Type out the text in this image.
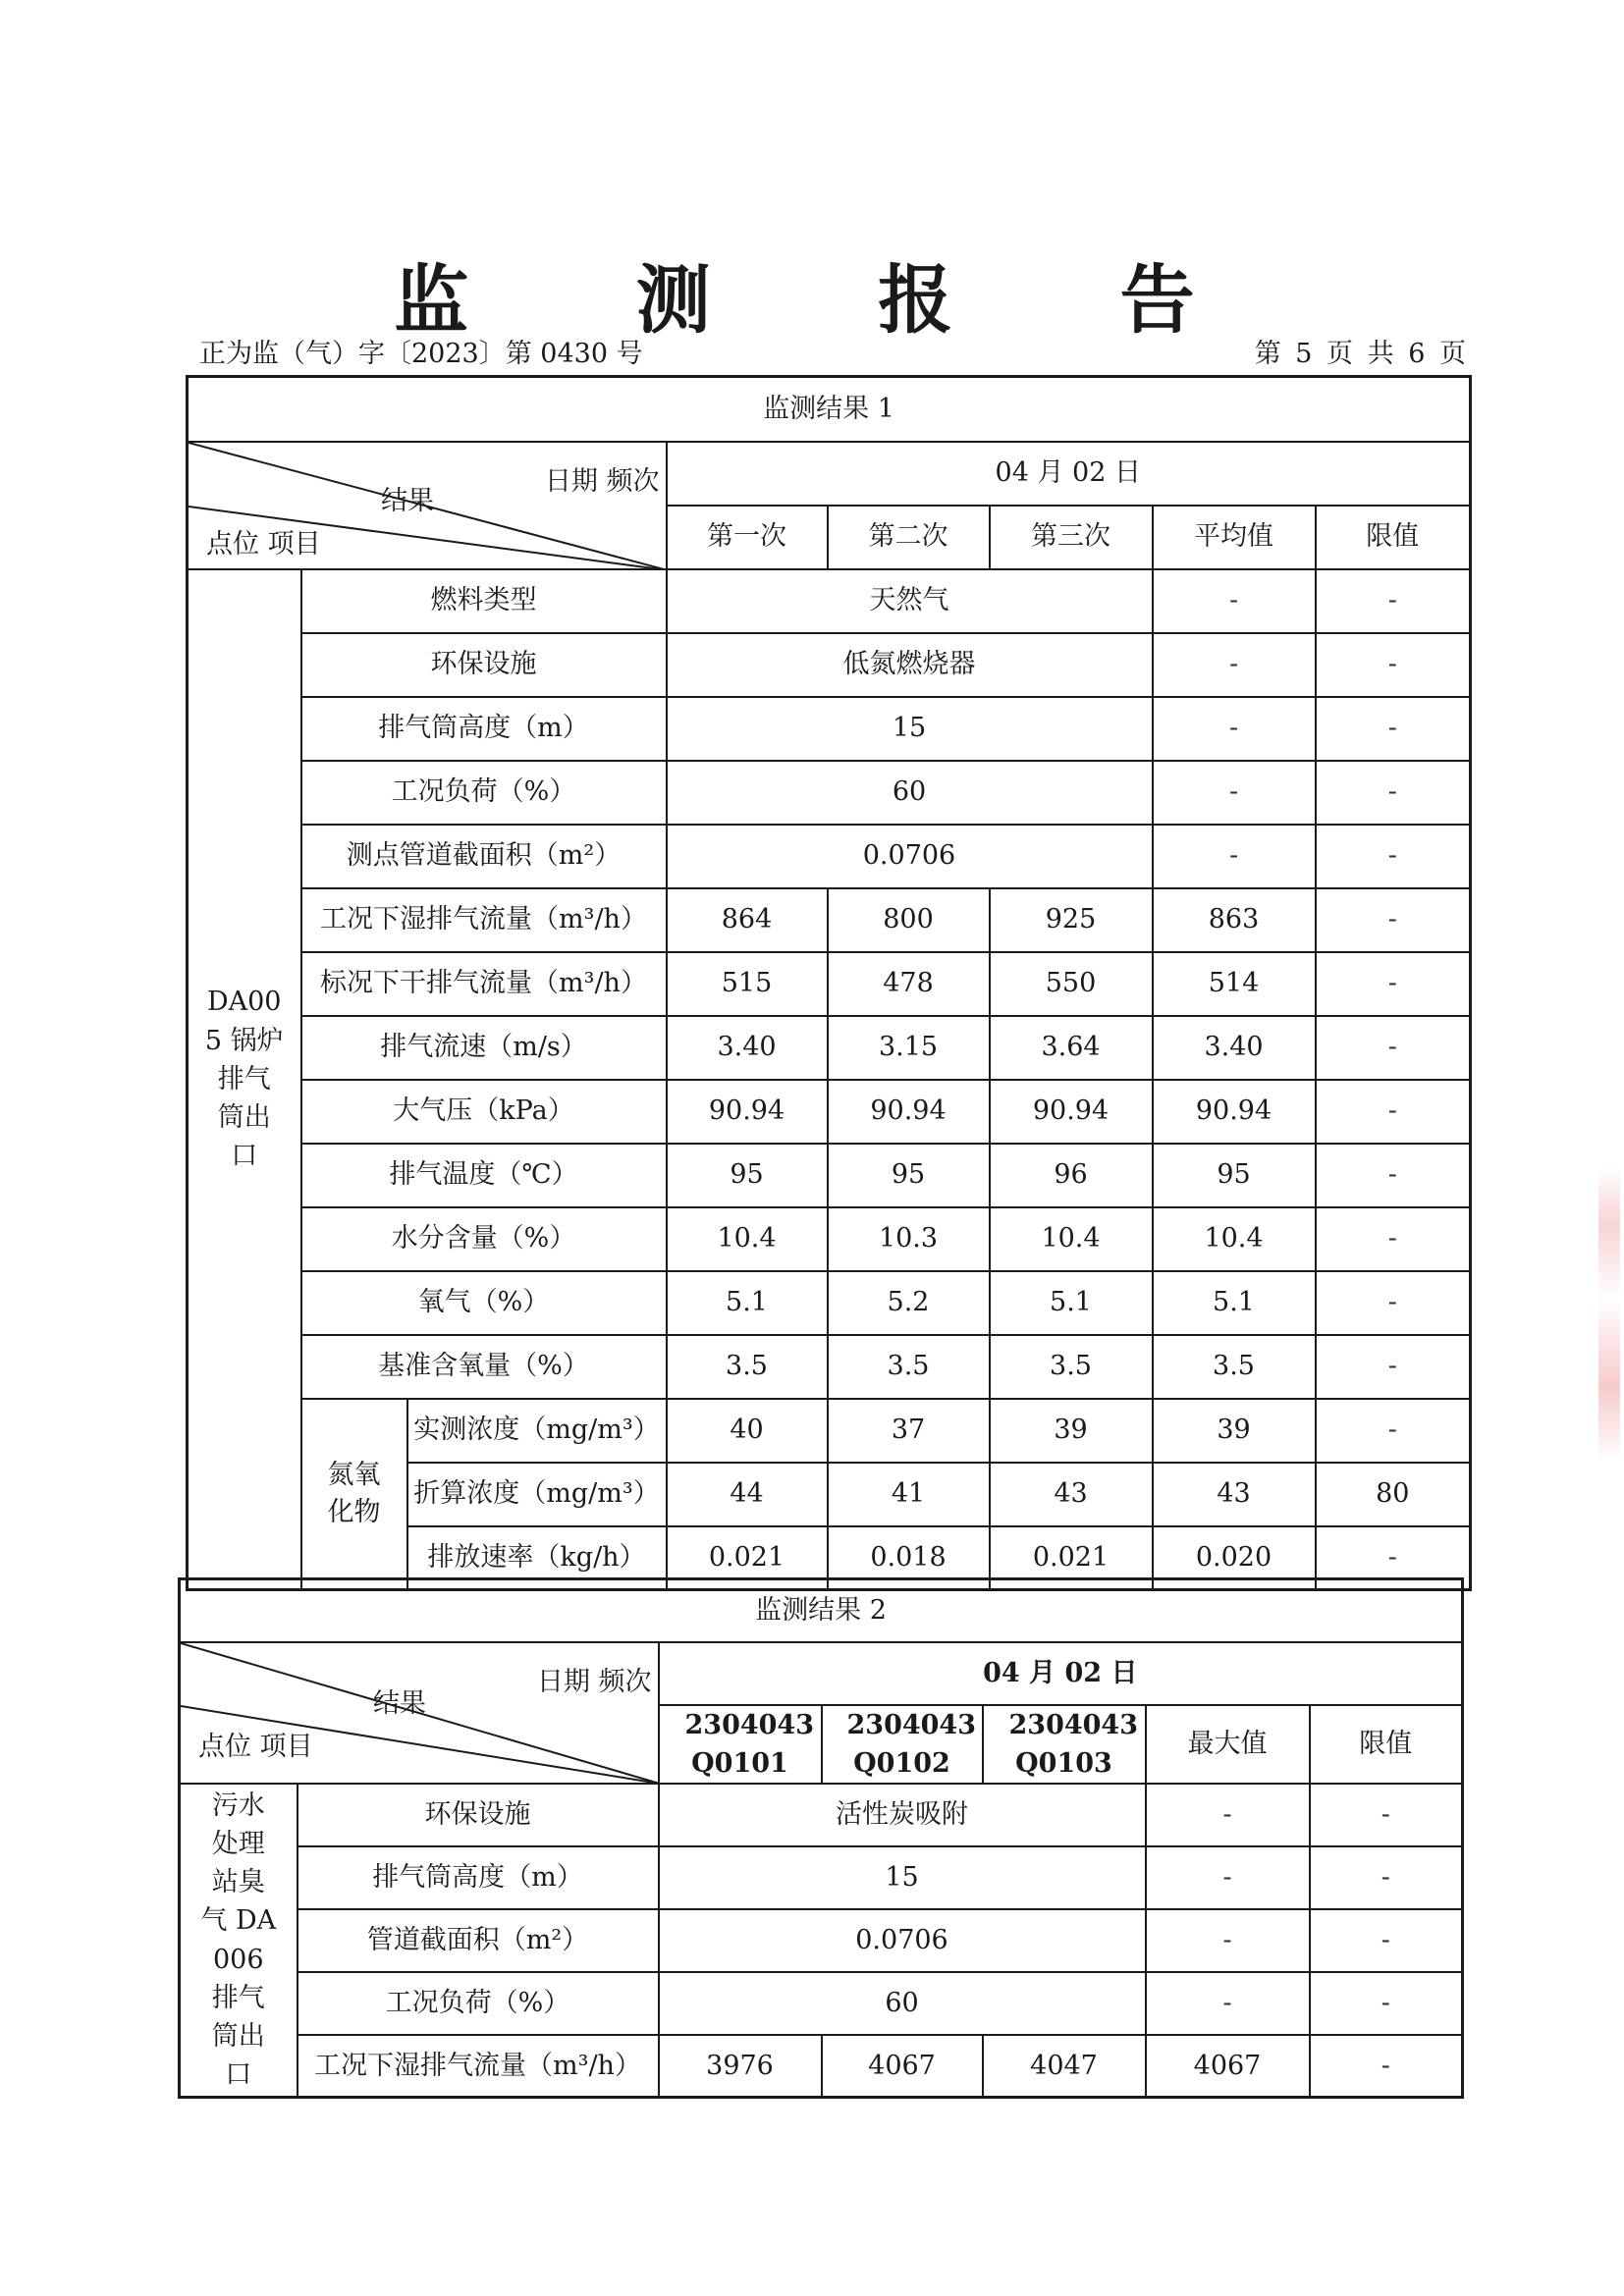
监 测 报 告
正为监（气）字〔2023〕第 0430 号	第 5 页 共 6 页
监测结果 1							

日期 频次
结果
点位 项目			04 月 02 日				
			第一次	第二次	第三次	平均值	限值

DA005 锅炉排气筒出口	燃料类型		天然气			-	-
	环保设施		低氮燃烧器			-	-
	排气筒高度（m）		15			-	-
	工况负荷（%）		60			-	-
	测点管道截面积（m²）		0.0706			-	-
	工况下湿排气流量（m³/h）		864	800	925	863	-
	标况下干排气流量（m³/h）		515	478	550	514	-
	排气流速（m/s）		3.40	3.15	3.64	3.40	-
	大气压（kPa）		90.94	90.94	90.94	90.94	-
	排气温度（℃）		95	95	96	95	-
	水分含量（%）		10.4	10.3	10.4	10.4	-
	氧气（%）		5.1	5.2	5.1	5.1	-
	基准含氧量（%）		3.5	3.5	3.5	3.5	-

	氮氧化物	实测浓度（mg/m³）	40	37	39	39	-
		折算浓度（mg/m³）	44	41	43	43	80
		排放速率（kg/h）	0.021	0.018	0.021	0.020	-
监测结果 2						

日期 频次
结果
点位 项目		04 月 02 日				

		2304043 Q0101	2304043 Q0102	2304043 Q0103	最大值	限值

污水处理站臭气 DA006 排气筒出口	环保设施	活性炭吸附			-	-
	排气筒高度（m）	15			-	-
	管道截面积（m²）	0.0706			-	-
	工况负荷（%）	60			-	-
	工况下湿排气流量（m³/h）	3976	4067	4047	4067	-
